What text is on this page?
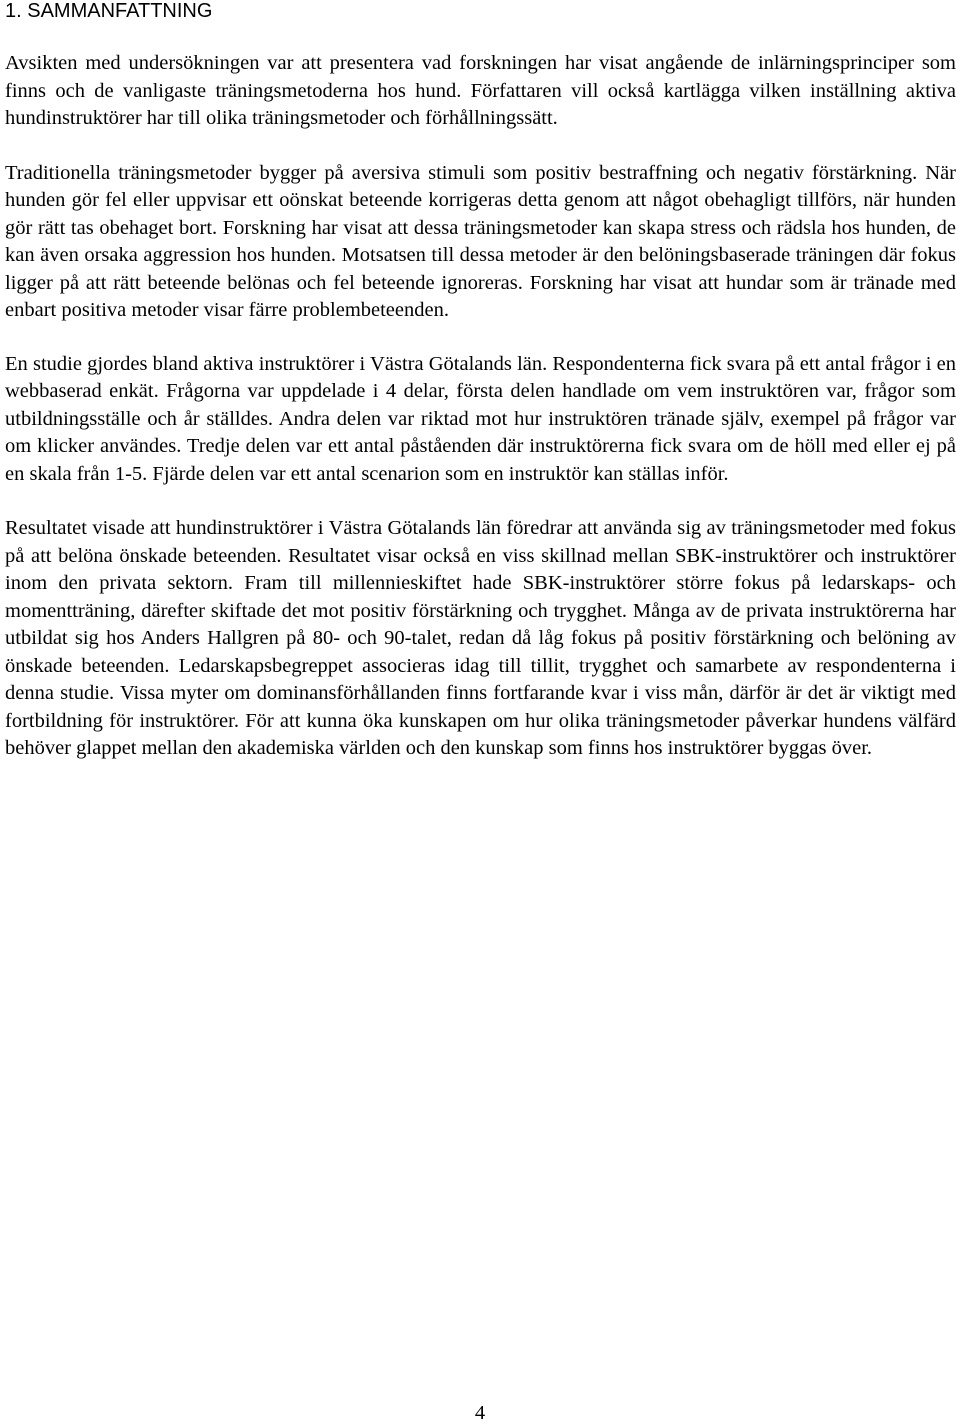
1. SAMMANFATTNING

Avsikten med undersökningen var att presentera vad forskningen har visat angående de inlärningsprinciper som finns och de vanligaste träningsmetoderna hos hund. Författaren vill också kartlägga vilken inställning aktiva hundinstruktörer har till olika träningsmetoder och förhållningssätt.

Traditionella träningsmetoder bygger på aversiva stimuli som positiv bestraffning och negativ förstärkning. När hunden gör fel eller uppvisar ett oönskat beteende korrigeras detta genom att något obehagligt tillförs, när hunden gör rätt tas obehaget bort. Forskning har visat att dessa träningsmetoder kan skapa stress och rädsla hos hunden, de kan även orsaka aggression hos hunden. Motsatsen till dessa metoder är den belöningsbaserade träningen där fokus ligger på att rätt beteende belönas och fel beteende ignoreras. Forskning har visat att hundar som är tränade med enbart positiva metoder visar färre problembeteenden.

En studie gjordes bland aktiva instruktörer i Västra Götalands län. Respondenterna fick svara på ett antal frågor i en webbaserad enkät. Frågorna var uppdelade i 4 delar, första delen handlade om vem instruktören var, frågor som utbildningsställe och år ställdes. Andra delen var riktad mot hur instruktören tränade själv, exempel på frågor var om klicker användes. Tredje delen var ett antal påståenden där instruktörerna fick svara om de höll med eller ej på en skala från 1-5. Fjärde delen var ett antal scenarion som en instruktör kan ställas inför.

Resultatet visade att hundinstruktörer i Västra Götalands län föredrar att använda sig av träningsmetoder med fokus på att belöna önskade beteenden. Resultatet visar också en viss skillnad mellan SBK-instruktörer och instruktörer inom den privata sektorn. Fram till millennieskiftet hade SBK-instruktörer större fokus på ledarskaps- och momentträning, därefter skiftade det mot positiv förstärkning och trygghet. Många av de privata instruktörerna har utbildat sig hos Anders Hallgren på 80- och 90-talet, redan då låg fokus på positiv förstärkning och belöning av önskade beteenden. Ledarskapsbegreppet associeras idag till tillit, trygghet och samarbete av respondenterna i denna studie. Vissa myter om dominansförhållanden finns fortfarande kvar i viss mån, därför är det är viktigt med fortbildning för instruktörer. För att kunna öka kunskapen om hur olika träningsmetoder påverkar hundens välfärd behöver glappet mellan den akademiska världen och den kunskap som finns hos instruktörer byggas över.

4
